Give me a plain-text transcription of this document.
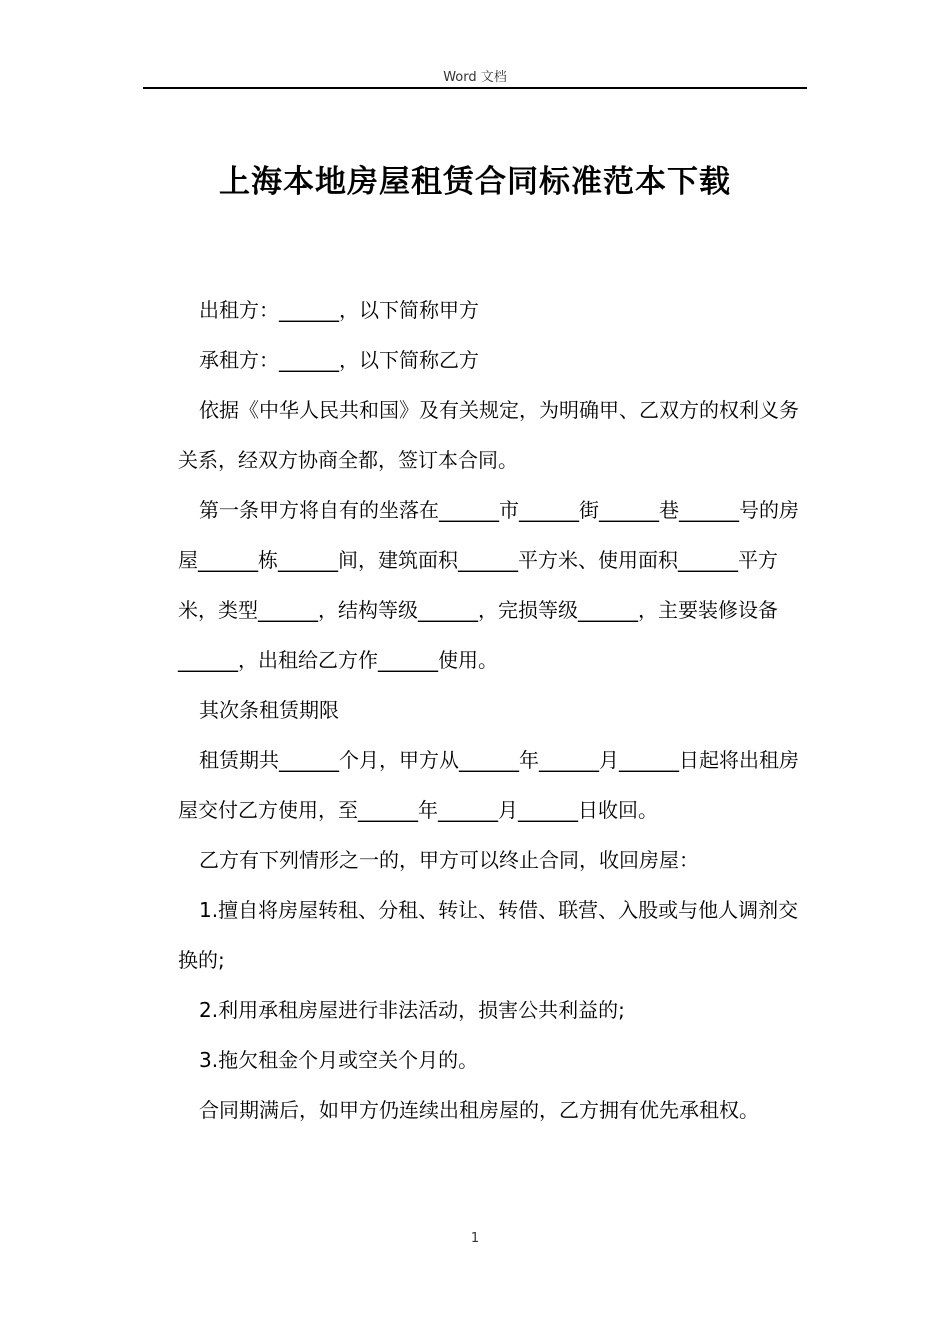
Word 文档
上海本地房屋租赁合同标准范本下载

出租方：______，以下简称甲方

承租方：______，以下简称乙方

依据《中华人民共和国》及有关规定，为明确甲、乙双方的权利义务关系，经双方协商全都，签订本合同。

第一条甲方将自有的坐落在______市______街______巷______号的房屋______栋______间，建筑面积______平方米、使用面积______平方米，类型______，结构等级______，完损等级______，主要装修设备______，出租给乙方作______使用。

其次条租赁期限

租赁期共______个月，甲方从______年______月______日起将出租房屋交付乙方使用，至______年______月______日收回。

乙方有下列情形之一的，甲方可以终止合同，收回房屋：

1.擅自将房屋转租、分租、转让、转借、联营、入股或与他人调剂交换的;

2.利用承租房屋进行非法活动，损害公共利益的;

3.拖欠租金个月或空关个月的。

合同期满后，如甲方仍连续出租房屋的，乙方拥有优先承租权。

1
